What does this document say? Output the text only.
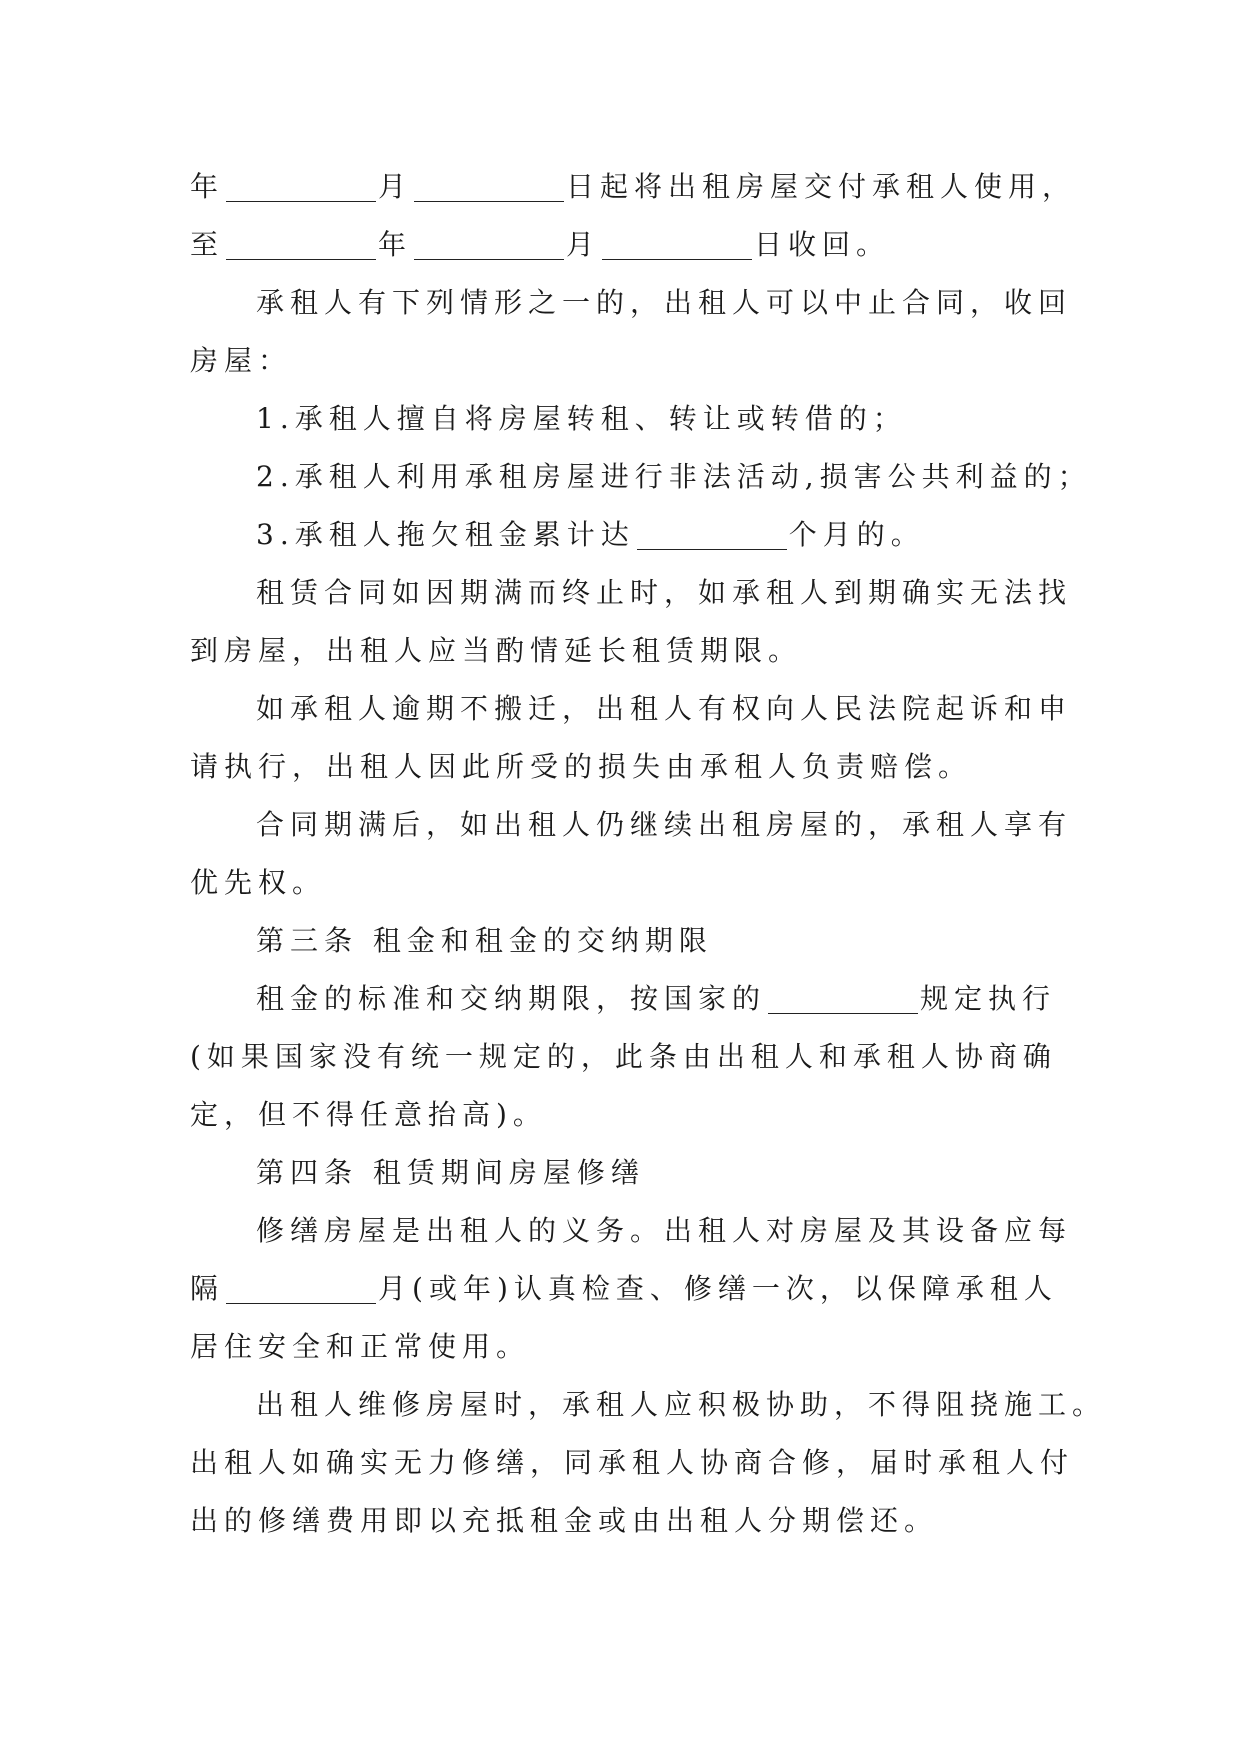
年	月	日起将出租房屋交付承租人使用，
至	年	月	日收回。
承租人有下列情形之一的，出租人可以中止合同，收回
房屋：
1.承租人擅自将房屋转租、转让或转借的；
2.承租人利用承租房屋进行非法活动,损害公共利益的；
3.承租人拖欠租金累计达	个月的。
租赁合同如因期满而终止时，如承租人到期确实无法找
到房屋，出租人应当酌情延长租赁期限。
如承租人逾期不搬迁，出租人有权向人民法院起诉和申
请执行，出租人因此所受的损失由承租人负责赔偿。
合同期满后，如出租人仍继续出租房屋的，承租人享有
优先权。
第三条 租金和租金的交纳期限
租金的标准和交纳期限，按国家的	规定执行
(如果国家没有统一规定的，此条由出租人和承租人协商确
定，但不得任意抬高)。
第四条 租赁期间房屋修缮
修缮房屋是出租人的义务。出租人对房屋及其设备应每
隔	月(或年)认真检查、修缮一次，以保障承租人
居住安全和正常使用。
出租人维修房屋时，承租人应积极协助，不得阻挠施工。
出租人如确实无力修缮，同承租人协商合修，届时承租人付
出的修缮费用即以充抵租金或由出租人分期偿还。
